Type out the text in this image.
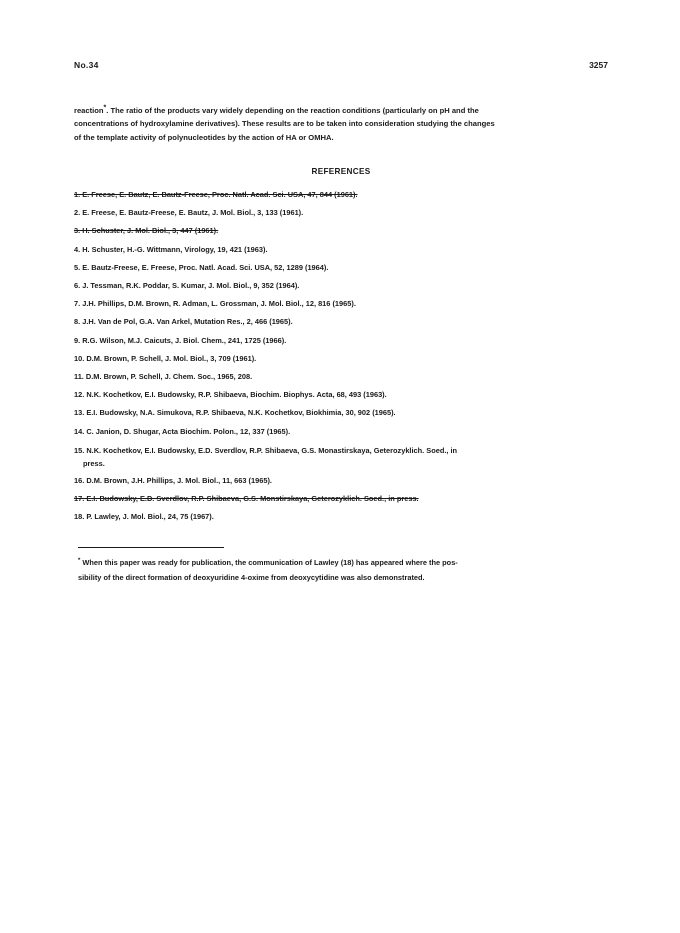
No.34	3257

reaction*. The ratio of the products vary widely depending on the reaction conditions (particularly on pH and the
concentrations of hydroxylamine derivatives). These results are to be taken into consideration studying the changes
of the template activity of polynucleotides by the action of HA or OMHA.

REFERENCES
1. E. Freese, E. Bautz, E. Bautz-Freese, Proc. Natl. Acad. Sci. USA, 47, 844 (1961).
2. E. Freese, E. Bautz-Freese, E. Bautz, J. Mol. Biol., 3, 133 (1961).
3. H. Schuster, J. Mol. Biol., 3, 447 (1961).
4. H. Schuster, H.-G. Wittmann, Virology, 19, 421 (1963).
5. E. Bautz-Freese, E. Freese, Proc. Natl. Acad. Sci. USA, 52, 1289 (1964).
6. J. Tessman, R.K. Poddar, S. Kumar, J. Mol. Biol., 9, 352 (1964).
7. J.H. Phillips, D.M. Brown, R. Adman, L. Grossman, J. Mol. Biol., 12, 816 (1965).
8. J.H. Van de Pol, G.A. Van Arkel, Mutation Res., 2, 466 (1965).
9. R.G. Wilson, M.J. Caicuts, J. Biol. Chem., 241, 1725 (1966).
10. D.M. Brown, P. Schell, J. Mol. Biol., 3, 709 (1961).
11. D.M. Brown, P. Schell, J. Chem. Soc., 1965, 208.
12. N.K. Kochetkov, E.I. Budowsky, R.P. Shibaeva, Biochim. Biophys. Acta, 68, 493 (1963).
13. E.I. Budowsky, N.A. Simukova, R.P. Shibaeva, N.K. Kochetkov, Biokhimia, 30, 902 (1965).
14. C. Janion, D. Shugar, Acta Biochim. Polon., 12, 337 (1965).
15. N.K. Kochetkov, E.I. Budowsky, E.D. Sverdlov, R.P. Shibaeva, G.S. Monastirskaya, Geterozyklich. Soed., in
press.
16. D.M. Brown, J.H. Phillips, J. Mol. Biol., 11, 663 (1965).
17. E.I. Budowsky, E.D. Sverdlov, R.P. Shibaeva, G.S. Monstirskaya, Geterozyklich. Soed., in press.
18. P. Lawley, J. Mol. Biol., 24, 75 (1967).

* When this paper was ready for publication, the communication of Lawley (18) has appeared where the pos-
sibility of the direct formation of deoxyuridine 4-oxime from deoxycytidine was also demonstrated.
